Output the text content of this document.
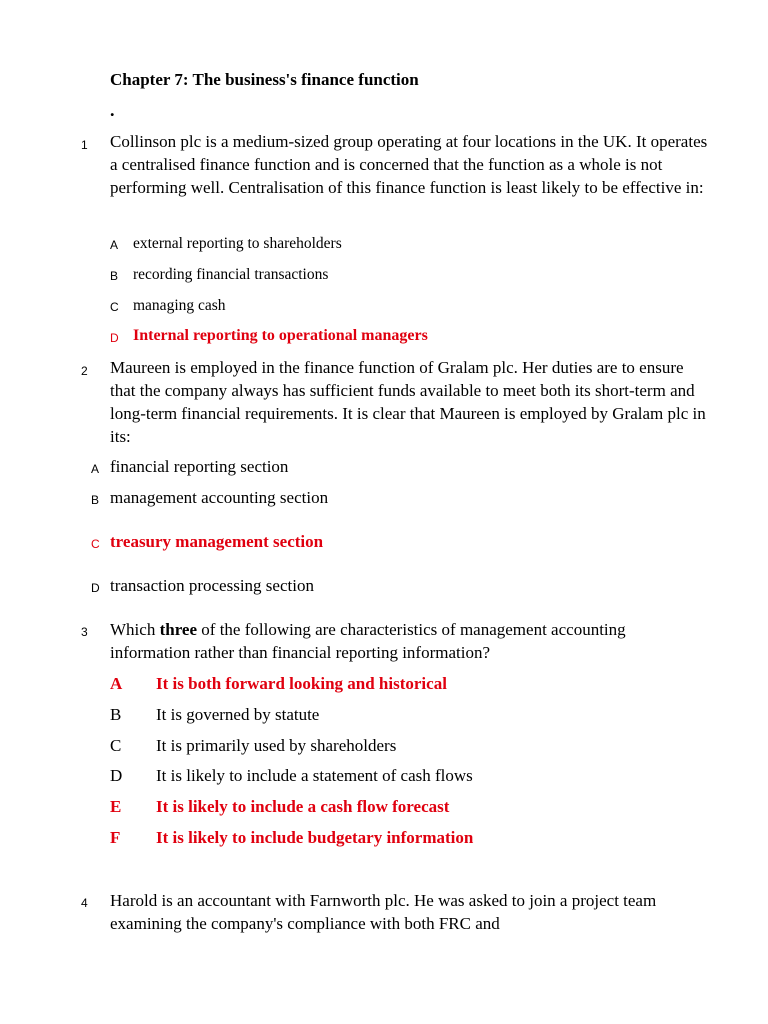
Chapter 7: The business's finance function
.
1 Collinson plc is a medium-sized group operating at four locations in the UK. It operates a centralised finance function and is concerned that the function as a whole is not performing well. Centralisation of this finance function is least likely to be effective in:
A external reporting to shareholders
B recording financial transactions
C managing cash
D Internal reporting to operational managers
2 Maureen is employed in the finance function of Gralam plc. Her duties are to ensure that the company always has sufficient funds available to meet both its short-term and long-term financial requirements. It is clear that Maureen is employed by Gralam plc in its:
A financial reporting section
B management accounting section
C treasury management section
D transaction processing section
3 Which three of the following are characteristics of management accounting information rather than financial reporting information?
A It is both forward looking and historical
B It is governed by statute
C It is primarily used by shareholders
D It is likely to include a statement of cash flows
E It is likely to include a cash flow forecast
F It is likely to include budgetary information
4 Harold is an accountant with Farnworth plc. He was asked to join a project team examining the company's compliance with both FRC and
